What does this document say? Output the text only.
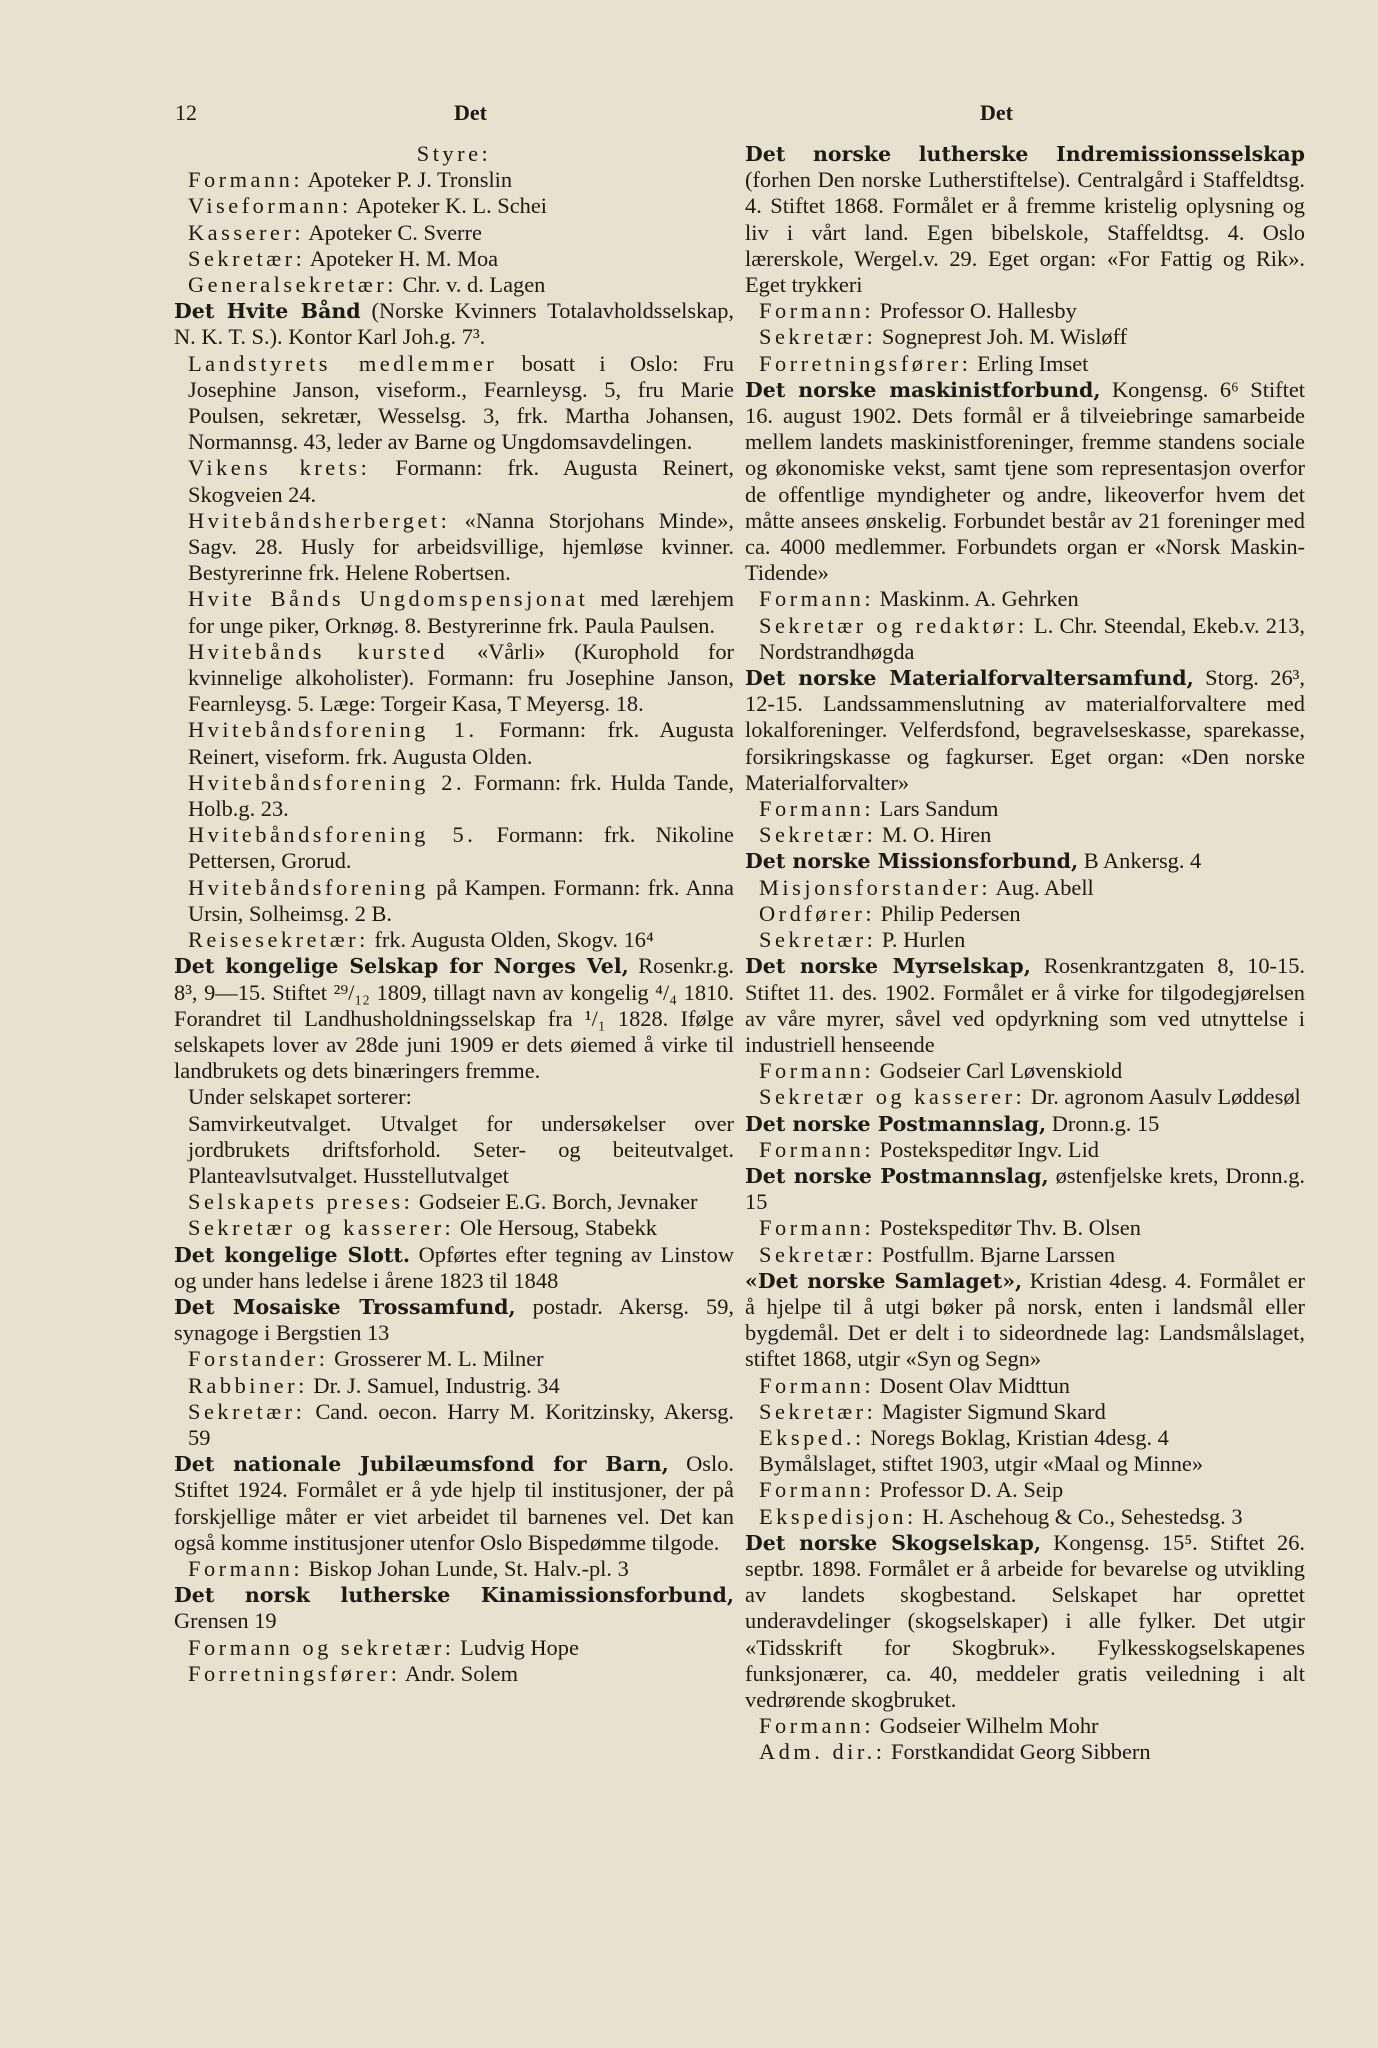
12	Det	Det

Styre:

Formann: Apoteker P. J. Tronslin

Viseformann: Apoteker K. L. Schei

Kasserer: Apoteker C. Sverre

Sekretær: Apoteker H. M. Moa

Generalsekretær: Chr. v. d. Lagen

Det Hvite Bånd (Norske Kvinners Totalavholdsselskap, N. K. T. S.). Kontor Karl Joh.g. 7³.

Landstyrets medlemmer bosatt i Oslo: Fru Josephine Janson, viseform., Fearnleysg. 5, fru Marie Poulsen, sekretær, Wesselsg. 3, frk. Martha Johansen, Normannsg. 43, leder av Barne og Ungdomsavdelingen.

Vikens krets: Formann: frk. Augusta Reinert, Skogveien 24.

Hvitebåndsherberget: «Nanna Storjohans Minde», Sagv. 28. Husly for arbeidsvillige, hjemløse kvinner. Bestyrerinne frk. Helene Robertsen.

Hvite Bånds Ungdomspensjonat med lærehjem for unge piker, Orknøg. 8. Bestyrerinne frk. Paula Paulsen.

Hvitebånds kursted «Vårli» (Kurophold for kvinnelige alkoholister). Formann: fru Josephine Janson, Fearnleysg. 5. Læge: Torgeir Kasa, T Meyersg. 18.

Hvitebåndsforening 1. Formann: frk. Augusta Reinert, viseform. frk. Augusta Olden.

Hvitebåndsforening 2. Formann: frk. Hulda Tande, Holb.g. 23.

Hvitebåndsforening 5. Formann: frk. Nikoline Pettersen, Grorud.

Hvitebåndsforening på Kampen. Formann: frk. Anna Ursin, Solheimsg. 2 B.

Reisesekretær: frk. Augusta Olden, Skogv. 16⁴

Det kongelige Selskap for Norges Vel, Rosenkr.g. 8³, 9—15. Stiftet ²⁹/₁₂ 1809, tillagt navn av kongelig ⁴/₄ 1810. Forandret til Landhusholdningsselskap fra ¹/₁ 1828. Ifølge selskapets lover av 28de juni 1909 er dets øiemed å virke til landbrukets og dets binæringers fremme.

Under selskapet sorterer:

Samvirkeutvalget. Utvalget for undersøkelser over jordbrukets driftsforhold. Seter- og beiteutvalget. Planteavlsutvalget. Husstellutvalget

Selskapets preses: Godseier E.G. Borch, Jevnaker

Sekretær og kasserer: Ole Hersoug, Stabekk

Det kongelige Slott. Opførtes efter tegning av Linstow og under hans ledelse i årene 1823 til 1848

Det Mosaiske Trossamfund, postadr. Akersg. 59, synagoge i Bergstien 13

Forstander: Grosserer M. L. Milner

Rabbiner: Dr. J. Samuel, Industrig. 34

Sekretær: Cand. oecon. Harry M. Koritzinsky, Akersg. 59

Det nationale Jubilæumsfond for Barn, Oslo. Stiftet 1924. Formålet er å yde hjelp til institusjoner, der på forskjellige måter er viet arbeidet til barnenes vel. Det kan også komme institusjoner utenfor Oslo Bispedømme tilgode.

Formann: Biskop Johan Lunde, St. Halv.-pl. 3

Det norsk lutherske Kinamissionsforbund, Grensen 19

Formann og sekretær: Ludvig Hope

Forretningsfører: Andr. Solem

Det norske lutherske Indremissionsselskap (forhen Den norske Lutherstiftelse). Centralgård i Staffeldtsg. 4. Stiftet 1868. Formålet er å fremme kristelig oplysning og liv i vårt land. Egen bibelskole, Staffeldtsg. 4. Oslo lærerskole, Wergel.v. 29. Eget organ: «For Fattig og Rik». Eget trykkeri

Formann: Professor O. Hallesby

Sekretær: Sogneprest Joh. M. Wisløff

Forretningsfører: Erling Imset

Det norske maskinistforbund, Kongensg. 6⁶ Stiftet 16. august 1902. Dets formål er å tilveiebringe samarbeide mellem landets maskinistforeninger, fremme standens sociale og økonomiske vekst, samt tjene som representasjon overfor de offentlige myndigheter og andre, likeoverfor hvem det måtte ansees ønskelig. Forbundet består av 21 foreninger med ca. 4000 medlemmer. Forbundets organ er «Norsk Maskin-Tidende»

Formann: Maskinm. A. Gehrken

Sekretær og redaktør: L. Chr. Steendal, Ekeb.v. 213, Nordstrandhøgda

Det norske Materialforvaltersamfund, Storg. 26³, 12-15. Landssammenslutning av materialforvaltere med lokalforeninger. Velferdsfond, begravelseskasse, sparekasse, forsikringskasse og fagkurser. Eget organ: «Den norske Materialforvalter»

Formann: Lars Sandum

Sekretær: M. O. Hiren

Det norske Missionsforbund, B Ankersg. 4

Misjonsforstander: Aug. Abell

Ordfører: Philip Pedersen

Sekretær: P. Hurlen

Det norske Myrselskap, Rosenkrantzgaten 8, 10-15. Stiftet 11. des. 1902. Formålet er å virke for tilgodegjørelsen av våre myrer, såvel ved opdyrkning som ved utnyttelse i industriell henseende

Formann: Godseier Carl Løvenskiold

Sekretær og kasserer: Dr. agronom Aasulv Løddesøl

Det norske Postmannslag, Dronn.g. 15

Formann: Postekspeditør Ingv. Lid

Det norske Postmannslag, østenfjelske krets, Dronn.g. 15

Formann: Postekspeditør Thv. B. Olsen

Sekretær: Postfullm. Bjarne Larssen

«Det norske Samlaget», Kristian 4desg. 4. Formålet er å hjelpe til å utgi bøker på norsk, enten i landsmål eller bygdemål. Det er delt i to sideordnede lag: Landsmålslaget, stiftet 1868, utgir «Syn og Segn»

Formann: Dosent Olav Midttun

Sekretær: Magister Sigmund Skard

Eksped.: Noregs Boklag, Kristian 4desg. 4

Bymålslaget, stiftet 1903, utgir «Maal og Minne»

Formann: Professor D. A. Seip

Ekspedisjon: H. Aschehoug & Co., Sehestedsg. 3

Det norske Skogselskap, Kongensg. 15⁵. Stiftet 26. septbr. 1898. Formålet er å arbeide for bevarelse og utvikling av landets skogbestand. Selskapet har oprettet underavdelinger (skogselskaper) i alle fylker. Det utgir «Tidsskrift for Skogbruk». Fylkesskogselskapenes funksjonærer, ca. 40, meddeler gratis veiledning i alt vedrørende skogbruket.

Formann: Godseier Wilhelm Mohr

Adm. dir.: Forstkandidat Georg Sibbern
